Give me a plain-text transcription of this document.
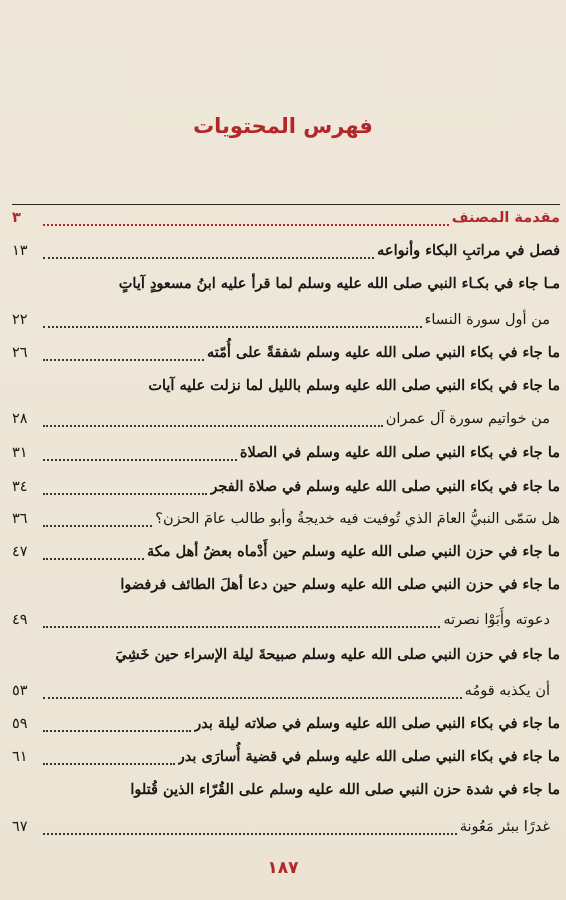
فهرس المحتويات
مقدمة المصنف
٣
فصل في مراتبِ البكاء وأنواعه
١٣
مـا جاء في بكـاء النبي صلى الله عليه وسلم لما قرأ عليه ابنُ مسعودٍ آياتٍ
من أول سورة النساء
٢٢
ما جاء في بكاء النبي صلى الله عليه وسلم شفقةً على أُمّته
٢٦
ما جاء في بكاء النبي صلى الله عليه وسلم بالليل لما نزلت عليه آيات
من خواتيم سورة آل عمران
٢٨
ما جاء في بكاء النبي صلى الله عليه وسلم في الصلاة
٣١
ما جاء في بكاء النبي صلى الله عليه وسلم في صلاة الفجر
٣٤
هل سَمّى النبيُّ العامَ الذي تُوفيت فيه خديجةُ وأبو طالب عامَ الحزن؟
٣٦
ما جاء في حزن النبي صلى الله عليه وسلم حين أَدْماه بعضُ أهل مكة
٤٧
ما جاء في حزن النبي صلى الله عليه وسلم حين دعا أهلَ الطائف فرفضوا
دعوته وأَبَوْا نصرته
٤٩
ما جاء في حزن النبي صلى الله عليه وسلم صبيحةَ ليلة الإسراء حين خَشِيَ
أن يكذبه قومُه
٥٣
ما جاء في بكاء النبي صلى الله عليه وسلم في صلاته ليلة بدر
٥٩
ما جاء في بكاء النبي صلى الله عليه وسلم في قضية أُسارَى بدر
٦١
ما جاء في شدة حزن النبي صلى الله عليه وسلم على القُرّاء الذين قُتلوا
غدرًا ببئر مَعُونة
٦٧
١٨٧
